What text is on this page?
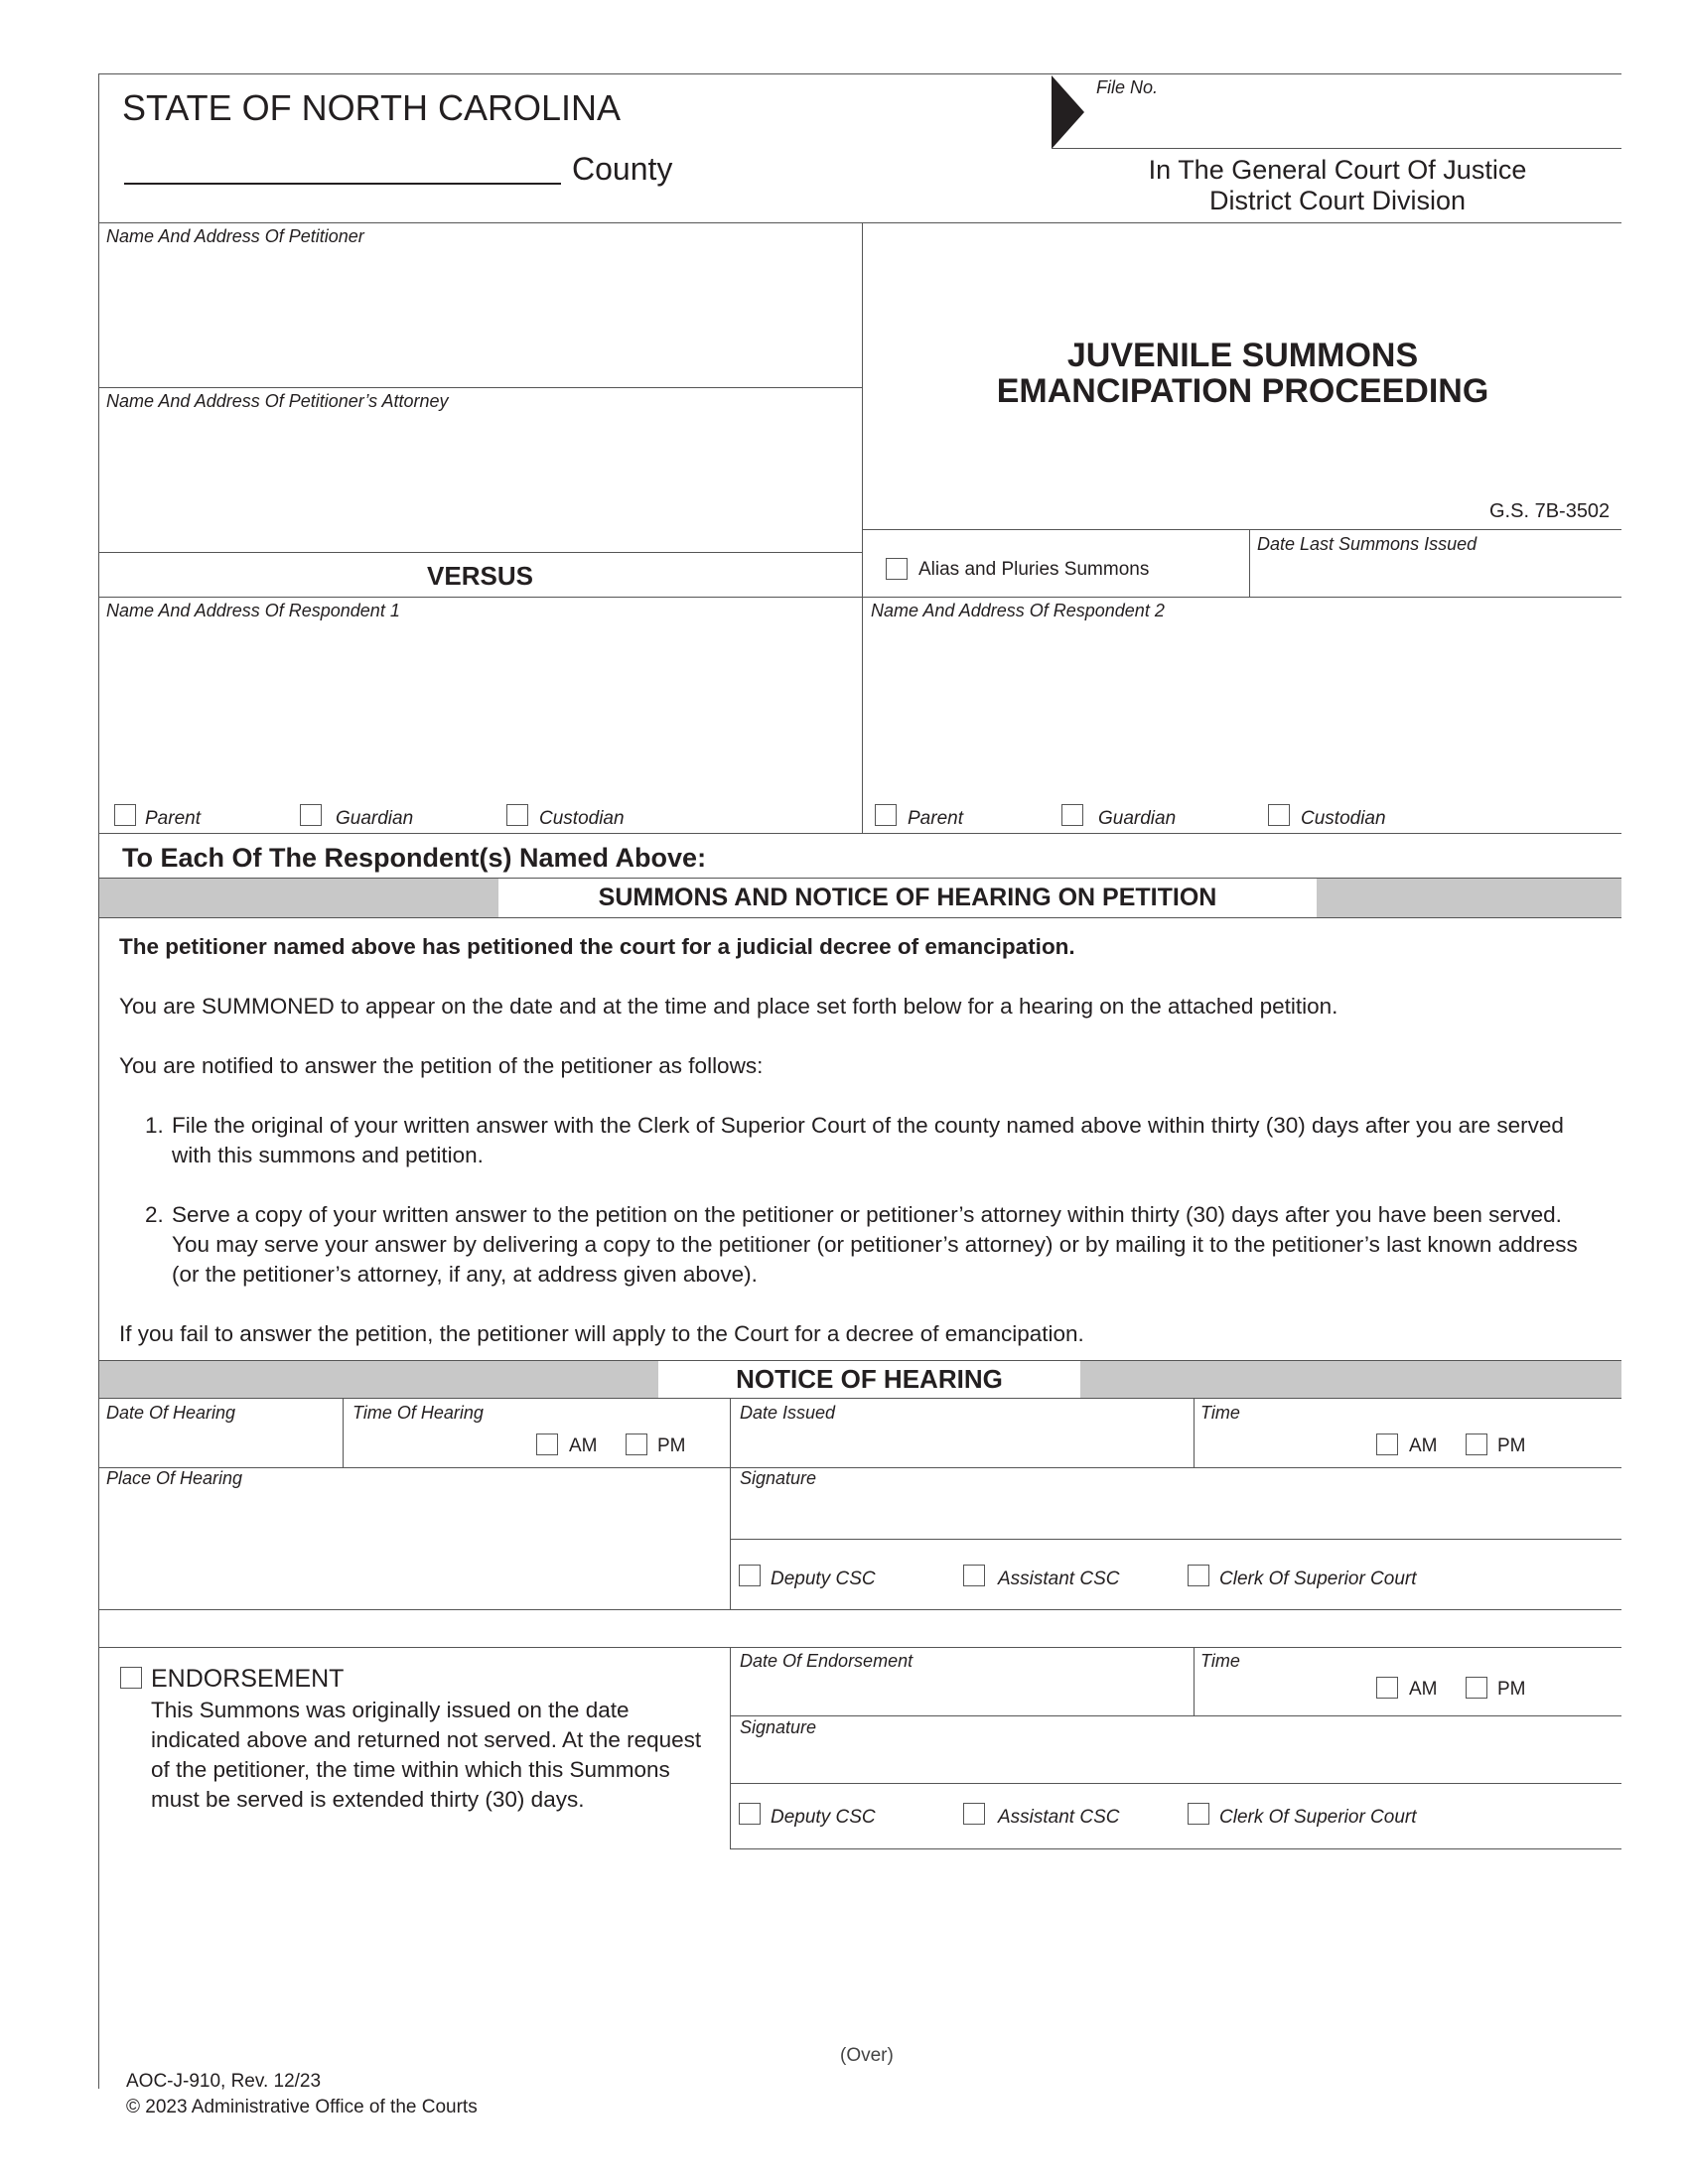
STATE OF NORTH CAROLINA
County
File No.
In The General Court Of Justice
District Court Division
Name And Address Of Petitioner
Name And Address Of Petitioner’s Attorney
JUVENILE SUMMONS
EMANCIPATION PROCEEDING
G.S. 7B-3502
VERSUS	Alias and Pluries Summons
Date Last Summons Issued
Name And Address Of Respondent 1	Name And Address Of Respondent 2
Parent	Guardian	Custodian	Parent	Guardian	Custodian
To Each Of The Respondent(s) Named Above:
SUMMONS AND NOTICE OF HEARING ON PETITION
The petitioner named above has petitioned the court for a judicial decree of emancipation.
You are SUMMONED to appear on the date and at the time and place set forth below for a hearing on the attached petition.
You are notified to answer the petition of the petitioner as follows:
1. File the original of your written answer with the Clerk of Superior Court of the county named above within thirty (30) days after you are served with this summons and petition.
2. Serve a copy of your written answer to the petition on the petitioner or petitioner’s attorney within thirty (30) days after you have been served. You may serve your answer by delivering a copy to the petitioner (or petitioner’s attorney) or by mailing it to the petitioner’s last known address (or the petitioner’s attorney, if any, at address given above).
If you fail to answer the petition, the petitioner will apply to the Court for a decree of emancipation.
NOTICE OF HEARING
Date Of Hearing	Time Of Hearing
AM	PM
Date Issued	Time
AM	PM
Place Of Hearing	Signature
Deputy CSC	Assistant CSC	Clerk Of Superior Court
ENDORSEMENT
This Summons was originally issued on the date indicated above and returned not served. At the request of the petitioner, the time within which this Summons must be served is extended thirty (30) days.
Date Of Endorsement	Time
AM	PM
Signature
Deputy CSC	Assistant CSC	Clerk Of Superior Court
(Over)
AOC-J-910, Rev. 12/23
© 2023 Administrative Office of the Courts
